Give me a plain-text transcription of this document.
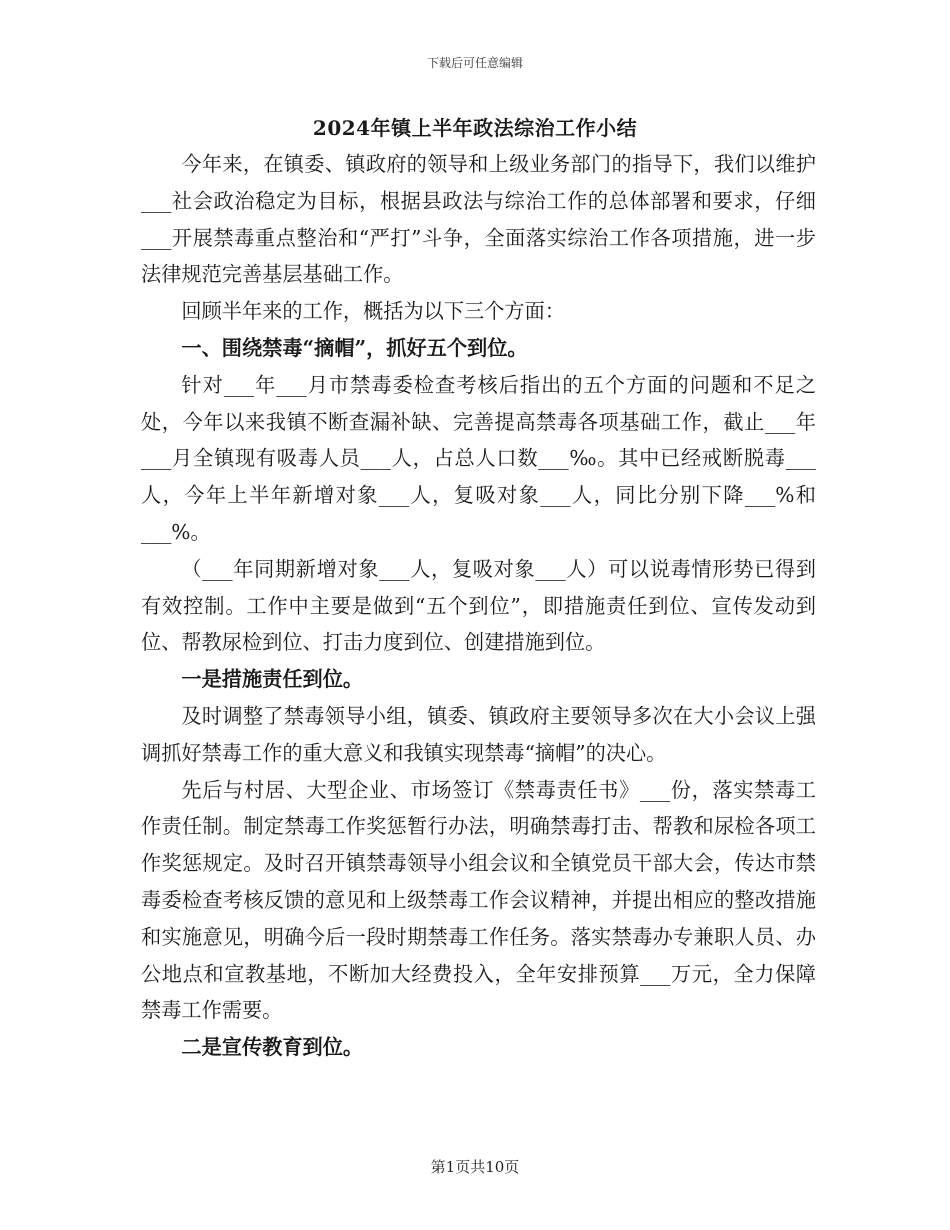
下载后可任意编辑
2024年镇上半年政法综治工作小结

今年来，在镇委、镇政府的领导和上级业务部门的指导下，我们以维护___社会政治稳定为目标，根据县政法与综治工作的总体部署和要求，仔细___开展禁毒重点整治和“严打”斗争，全面落实综治工作各项措施，进一步法律规范完善基层基础工作。

回顾半年来的工作，概括为以下三个方面：

一、围绕禁毒“摘帽”，抓好五个到位。

针对___年___月市禁毒委检查考核后指出的五个方面的问题和不足之处，今年以来我镇不断查漏补缺、完善提高禁毒各项基础工作，截止___年___月全镇现有吸毒人员___人，占总人口数___‰。其中已经戒断脱毒___人，今年上半年新增对象___人，复吸对象___人，同比分别下降___%和___%。

（___年同期新增对象___人，复吸对象___人）可以说毒情形势已得到有效控制。工作中主要是做到“五个到位”，即措施责任到位、宣传发动到位、帮教尿检到位、打击力度到位、创建措施到位。

一是措施责任到位。

及时调整了禁毒领导小组，镇委、镇政府主要领导多次在大小会议上强调抓好禁毒工作的重大意义和我镇实现禁毒“摘帽”的决心。

先后与村居、大型企业、市场签订《禁毒责任书》___份，落实禁毒工作责任制。制定禁毒工作奖惩暂行办法，明确禁毒打击、帮教和尿检各项工作奖惩规定。及时召开镇禁毒领导小组会议和全镇党员干部大会，传达市禁毒委检查考核反馈的意见和上级禁毒工作会议精神，并提出相应的整改措施和实施意见，明确今后一段时期禁毒工作任务。落实禁毒办专兼职人员、办公地点和宣教基地，不断加大经费投入，全年安排预算___万元，全力保障禁毒工作需要。

二是宣传教育到位。

第1页共10页
